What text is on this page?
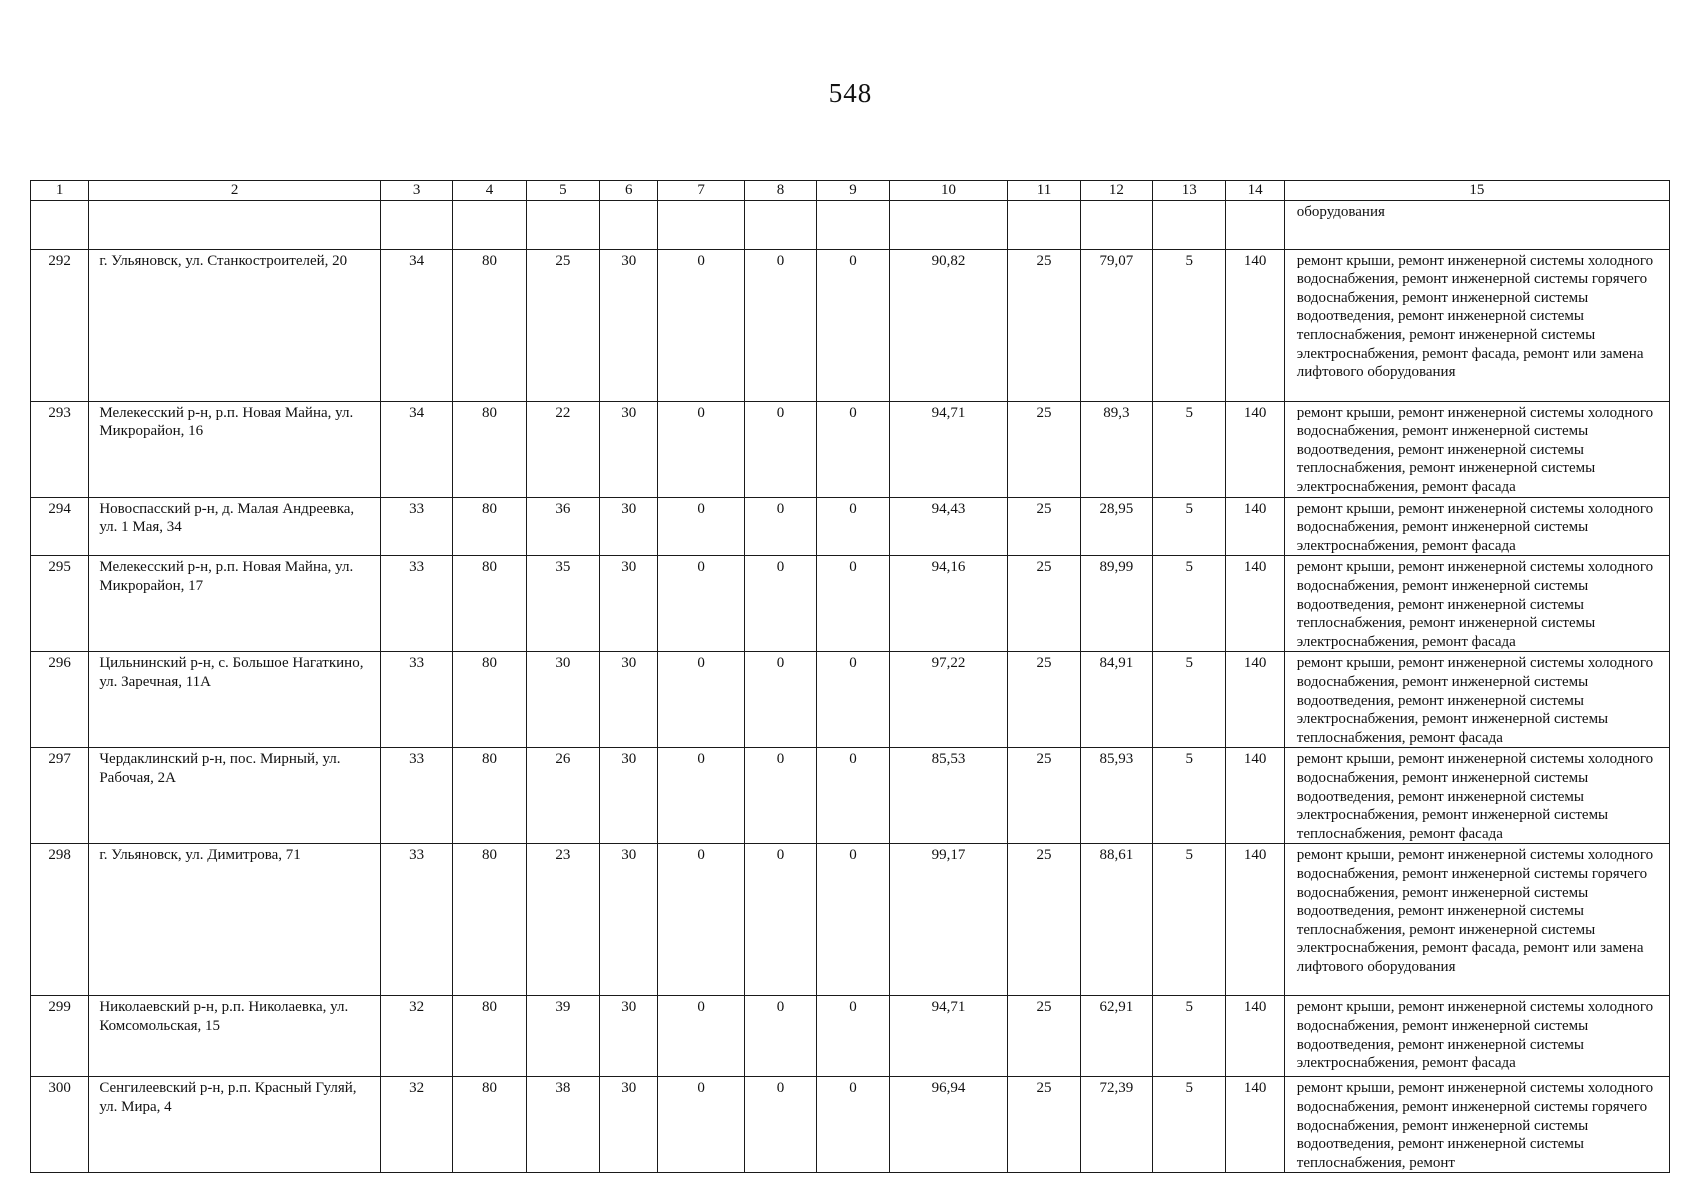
548
1	2	3	4	5	6	7	8	9	10	11	12	13	14	15
														оборудования
292	г. Ульяновск, ул. Станкостроителей, 20	34	80	25	30	0	0	0	90,82	25	79,07	5	140	ремонт крыши, ремонт инженерной системы холодного водоснабжения, ремонт инженерной системы горячего водоснабжения, ремонт инженерной системы водоотведения, ремонт инженерной системы теплоснабжения, ремонт инженерной системы электроснабжения, ремонт фасада, ремонт или замена лифтового оборудования
293	Мелекесский р-н, р.п. Новая Майна, ул. Микрорайон, 16	34	80	22	30	0	0	0	94,71	25	89,3	5	140	ремонт крыши, ремонт инженерной системы холодного водоснабжения, ремонт инженерной системы водоотведения, ремонт инженерной системы теплоснабжения, ремонт инженерной системы электроснабжения, ремонт фасада
294	Новоспасский р-н, д. Малая Андреевка, ул. 1 Мая, 34	33	80	36	30	0	0	0	94,43	25	28,95	5	140	ремонт крыши, ремонт инженерной системы холодного водоснабжения, ремонт инженерной системы электроснабжения, ремонт фасада
295	Мелекесский р-н, р.п. Новая Майна, ул. Микрорайон, 17	33	80	35	30	0	0	0	94,16	25	89,99	5	140	ремонт крыши, ремонт инженерной системы холодного водоснабжения, ремонт инженерной системы водоотведения, ремонт инженерной системы теплоснабжения, ремонт инженерной системы электроснабжения, ремонт фасада
296	Цильнинский р-н, с. Большое Нагаткино, ул. Заречная, 11А	33	80	30	30	0	0	0	97,22	25	84,91	5	140	ремонт крыши, ремонт инженерной системы холодного водоснабжения, ремонт инженерной системы водоотведения, ремонт инженерной системы электроснабжения, ремонт инженерной системы теплоснабжения, ремонт фасада
297	Чердаклинский р-н, пос. Мирный, ул. Рабочая, 2А	33	80	26	30	0	0	0	85,53	25	85,93	5	140	ремонт крыши, ремонт инженерной системы холодного водоснабжения, ремонт инженерной системы водоотведения, ремонт инженерной системы электроснабжения, ремонт инженерной системы теплоснабжения, ремонт фасада
298	г. Ульяновск, ул. Димитрова, 71	33	80	23	30	0	0	0	99,17	25	88,61	5	140	ремонт крыши, ремонт инженерной системы холодного водоснабжения, ремонт инженерной системы горячего водоснабжения, ремонт инженерной системы водоотведения, ремонт инженерной системы теплоснабжения, ремонт инженерной системы электроснабжения, ремонт фасада, ремонт или замена лифтового оборудования
299	Николаевский р-н, р.п. Николаевка, ул. Комсомольская, 15	32	80	39	30	0	0	0	94,71	25	62,91	5	140	ремонт крыши, ремонт инженерной системы холодного водоснабжения, ремонт инженерной системы водоотведения, ремонт инженерной системы электроснабжения, ремонт фасада
300	Сенгилеевский р-н, р.п. Красный Гуляй, ул. Мира, 4	32	80	38	30	0	0	0	96,94	25	72,39	5	140	ремонт крыши, ремонт инженерной системы холодного водоснабжения, ремонт инженерной системы горячего водоснабжения, ремонт инженерной системы водоотведения, ремонт инженерной системы теплоснабжения, ремонт
